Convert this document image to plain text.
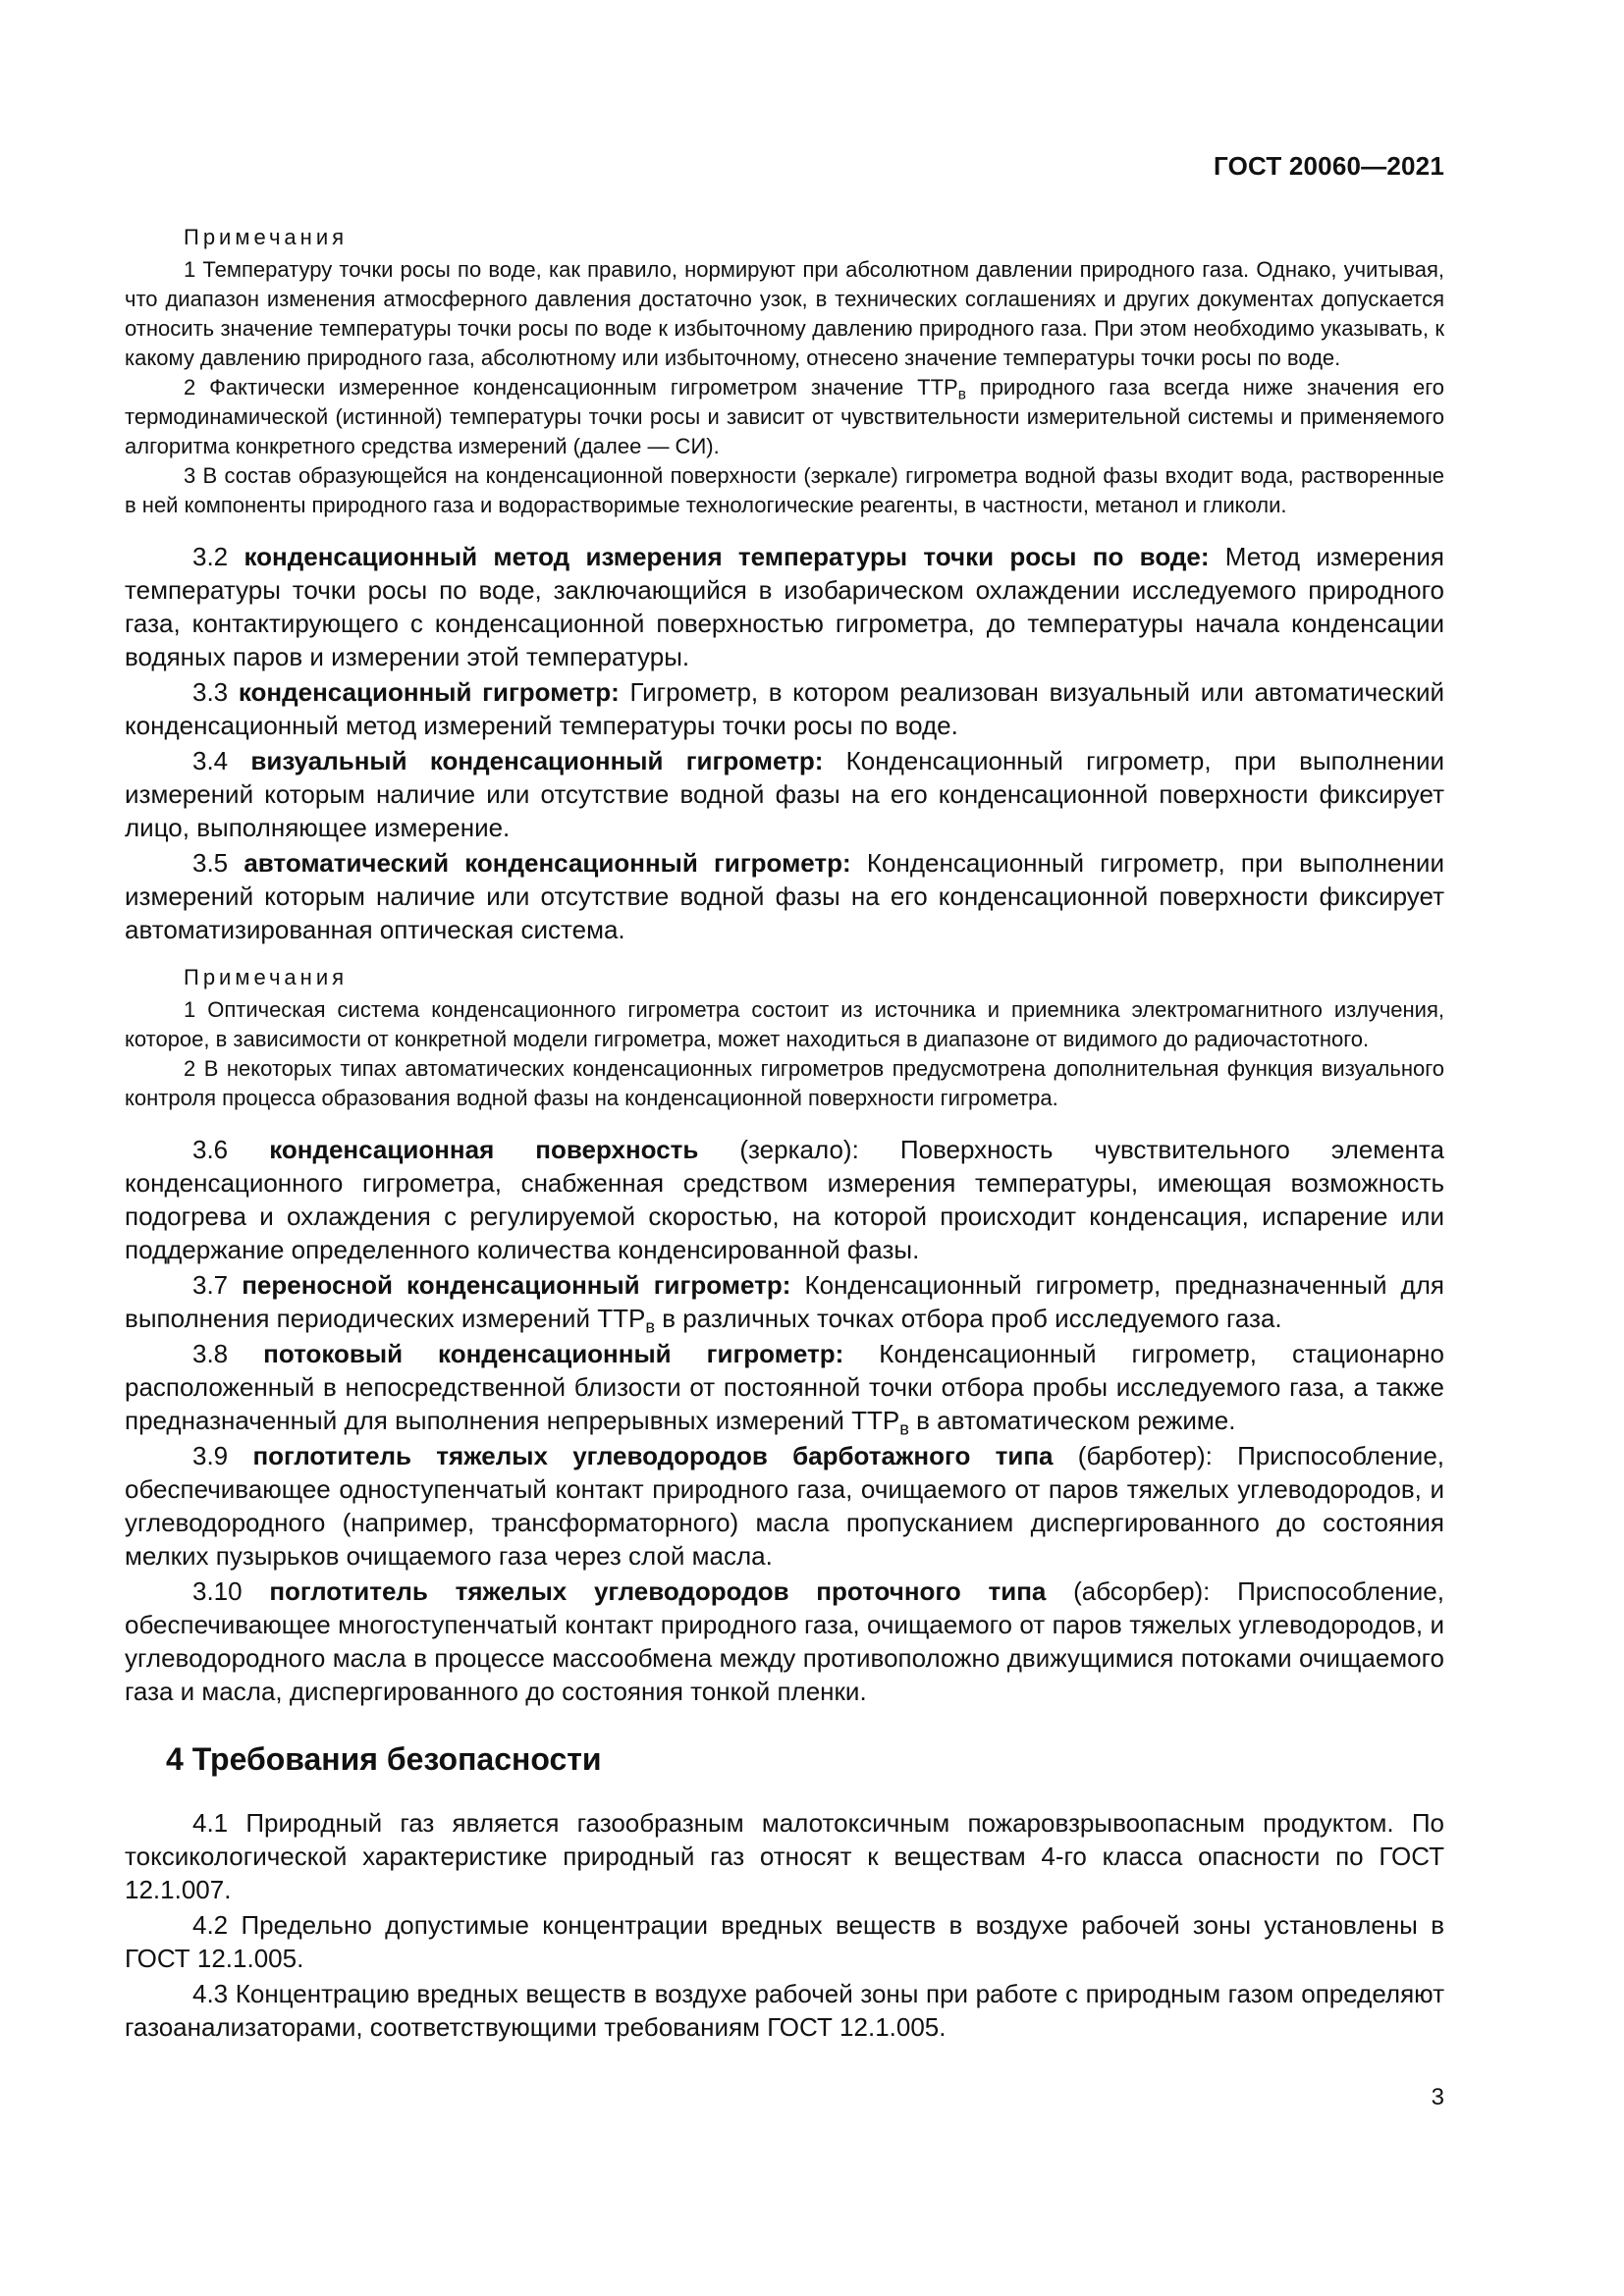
ГОСТ 20060—2021

Примечания

1 Температуру точки росы по воде, как правило, нормируют при абсолютном давлении природного газа. Однако, учитывая, что диапазон изменения атмосферного давления достаточно узок, в технических соглашениях и других документах допускается относить значение температуры точки росы по воде к избыточному давлению природного газа. При этом необходимо указывать, к какому давлению природного газа, абсолютному или избыточному, отнесено значение температуры точки росы по воде.

2 Фактически измеренное конденсационным гигрометром значение $ТТР_в$ природного газа всегда ниже значения его термодинамической (истинной) температуры точки росы и зависит от чувствительности измерительной системы и применяемого алгоритма конкретного средства измерений (далее — СИ).

3 В состав образующейся на конденсационной поверхности (зеркале) гигрометра водной фазы входит вода, растворенные в ней компоненты природного газа и водорастворимые технологические реагенты, в частности, метанол и гликоли.

3.2 конденсационный метод измерения температуры точки росы по воде: Метод измерения температуры точки росы по воде, заключающийся в изобарическом охлаждении исследуемого природного газа, контактирующего с конденсационной поверхностью гигрометра, до температуры начала конденсации водяных паров и измерении этой температуры.

3.3 конденсационный гигрометр: Гигрометр, в котором реализован визуальный или автоматический конденсационный метод измерений температуры точки росы по воде.

3.4 визуальный конденсационный гигрометр: Конденсационный гигрометр, при выполнении измерений которым наличие или отсутствие водной фазы на его конденсационной поверхности фиксирует лицо, выполняющее измерение.

3.5 автоматический конденсационный гигрометр: Конденсационный гигрометр, при выполнении измерений которым наличие или отсутствие водной фазы на его конденсационной поверхности фиксирует автоматизированная оптическая система.

Примечания

1 Оптическая система конденсационного гигрометра состоит из источника и приемника электромагнитного излучения, которое, в зависимости от конкретной модели гигрометра, может находиться в диапазоне от видимого до радиочастотного.

2 В некоторых типах автоматических конденсационных гигрометров предусмотрена дополнительная функция визуального контроля процесса образования водной фазы на конденсационной поверхности гигрометра.

3.6 конденсационная поверхность (зеркало): Поверхность чувствительного элемента конденсационного гигрометра, снабженная средством измерения температуры, имеющая возможность подогрева и охлаждения с регулируемой скоростью, на которой происходит конденсация, испарение или поддержание определенного количества конденсированной фазы.

3.7 переносной конденсационный гигрометр: Конденсационный гигрометр, предназначенный для выполнения периодических измерений $ТТР_в$ в различных точках отбора проб исследуемого газа.

3.8 потоковый конденсационный гигрометр: Конденсационный гигрометр, стационарно расположенный в непосредственной близости от постоянной точки отбора пробы исследуемого газа, а также предназначенный для выполнения непрерывных измерений $ТТР_в$ в автоматическом режиме.

3.9 поглотитель тяжелых углеводородов барботажного типа (барботер): Приспособление, обеспечивающее одноступенчатый контакт природного газа, очищаемого от паров тяжелых углеводородов, и углеводородного (например, трансформаторного) масла пропусканием диспергированного до состояния мелких пузырьков очищаемого газа через слой масла.

3.10 поглотитель тяжелых углеводородов проточного типа (абсорбер): Приспособление, обеспечивающее многоступенчатый контакт природного газа, очищаемого от паров тяжелых углеводородов, и углеводородного масла в процессе массообмена между противоположно движущимися потоками очищаемого газа и масла, диспергированного до состояния тонкой пленки.

4 Требования безопасности

4.1 Природный газ является газообразным малотоксичным пожаровзрывоопасным продуктом. По токсикологической характеристике природный газ относят к веществам 4-го класса опасности по ГОСТ 12.1.007.

4.2 Предельно допустимые концентрации вредных веществ в воздухе рабочей зоны установлены в ГОСТ 12.1.005.

4.3 Концентрацию вредных веществ в воздухе рабочей зоны при работе с природным газом определяют газоанализаторами, соответствующими требованиям ГОСТ 12.1.005.

3
